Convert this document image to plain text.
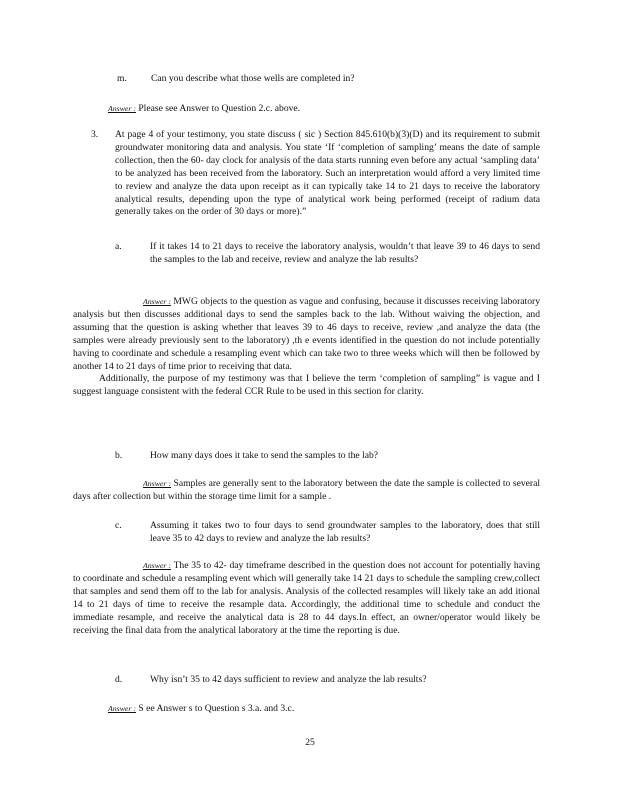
m.	Can you describe what those wells are completed in?
Answer : Please see Answer to Question 2.c. above.
3. At page 4 of your testimony, you state discuss ( sic ) Section 845.610(b)(3)(D) and its requirement to submit groundwater monitoring data and analysis. You state ‘If ‘completion of sampling’ means the date of sample collection, then the 60- day clock for analysis of the data starts running even before any actual ‘sampling data’ to be analyzed has been received from the laboratory. Such an interpretation would afford a very limited time to review and analyze the data upon receipt as it can typically take 14 to 21 days to receive the laboratory analytical results, depending upon the type of analytical work being performed (receipt of radium data generally takes on the order of 30 days or more).”
a.	If it takes 14 to 21 days to receive the laboratory analysis, wouldn’t that leave 39 to 46 days to send the samples to the lab and receive, review and analyze the lab results?

Answer : MWG objects to the question as vague and confusing, because it discusses receiving laboratory analysis but then discusses additional days to send the samples back to the lab. Without waiving the objection, and assuming that the question is asking whether that leaves 39 to 46 days to receive, review ,and analyze the data (the samples were already previously sent to the laboratory) ,th e events identified in the question do not include potentially having to coordinate and schedule a resampling event which can take two to three weeks which will then be followed by another 14 to 21 days of time prior to receiving that data.

Additionally, the purpose of my testimony was that I believe the term ‘completion of sampling” is vague and I suggest language consistent with the federal CCR Rule to be used in this section for clarity.

b.	How many days does it take to send the samples to the lab?

Answer : Samples are generally sent to the laboratory between the date the sample is collected to several days after collection but within the storage time limit for a sample .

c.	Assuming it takes two to four days to send groundwater samples to the laboratory, does that still leave 35 to 42 days to review and analyze the lab results?

Answer : The 35 to 42- day timeframe described in the question does not account for potentially having to coordinate and schedule a resampling event which will generally take 14 21 days to schedule the sampling crew,collect that samples and send them off to the lab for analysis. Analysis of the collected resamples will likely take an add itional 14 to 21 days of time to receive the resample data. Accordingly, the additional time to schedule and conduct the immediate resample, and receive the analytical data is 28 to 44 days.In effect, an owner/operator would likely be receiving the final data from the analytical laboratory at the time the reporting is due.

d.	Why isn’t 35 to 42 days sufficient to review and analyze the lab results?
Answer : S ee Answer s to Question s 3.a. and 3.c.
25
